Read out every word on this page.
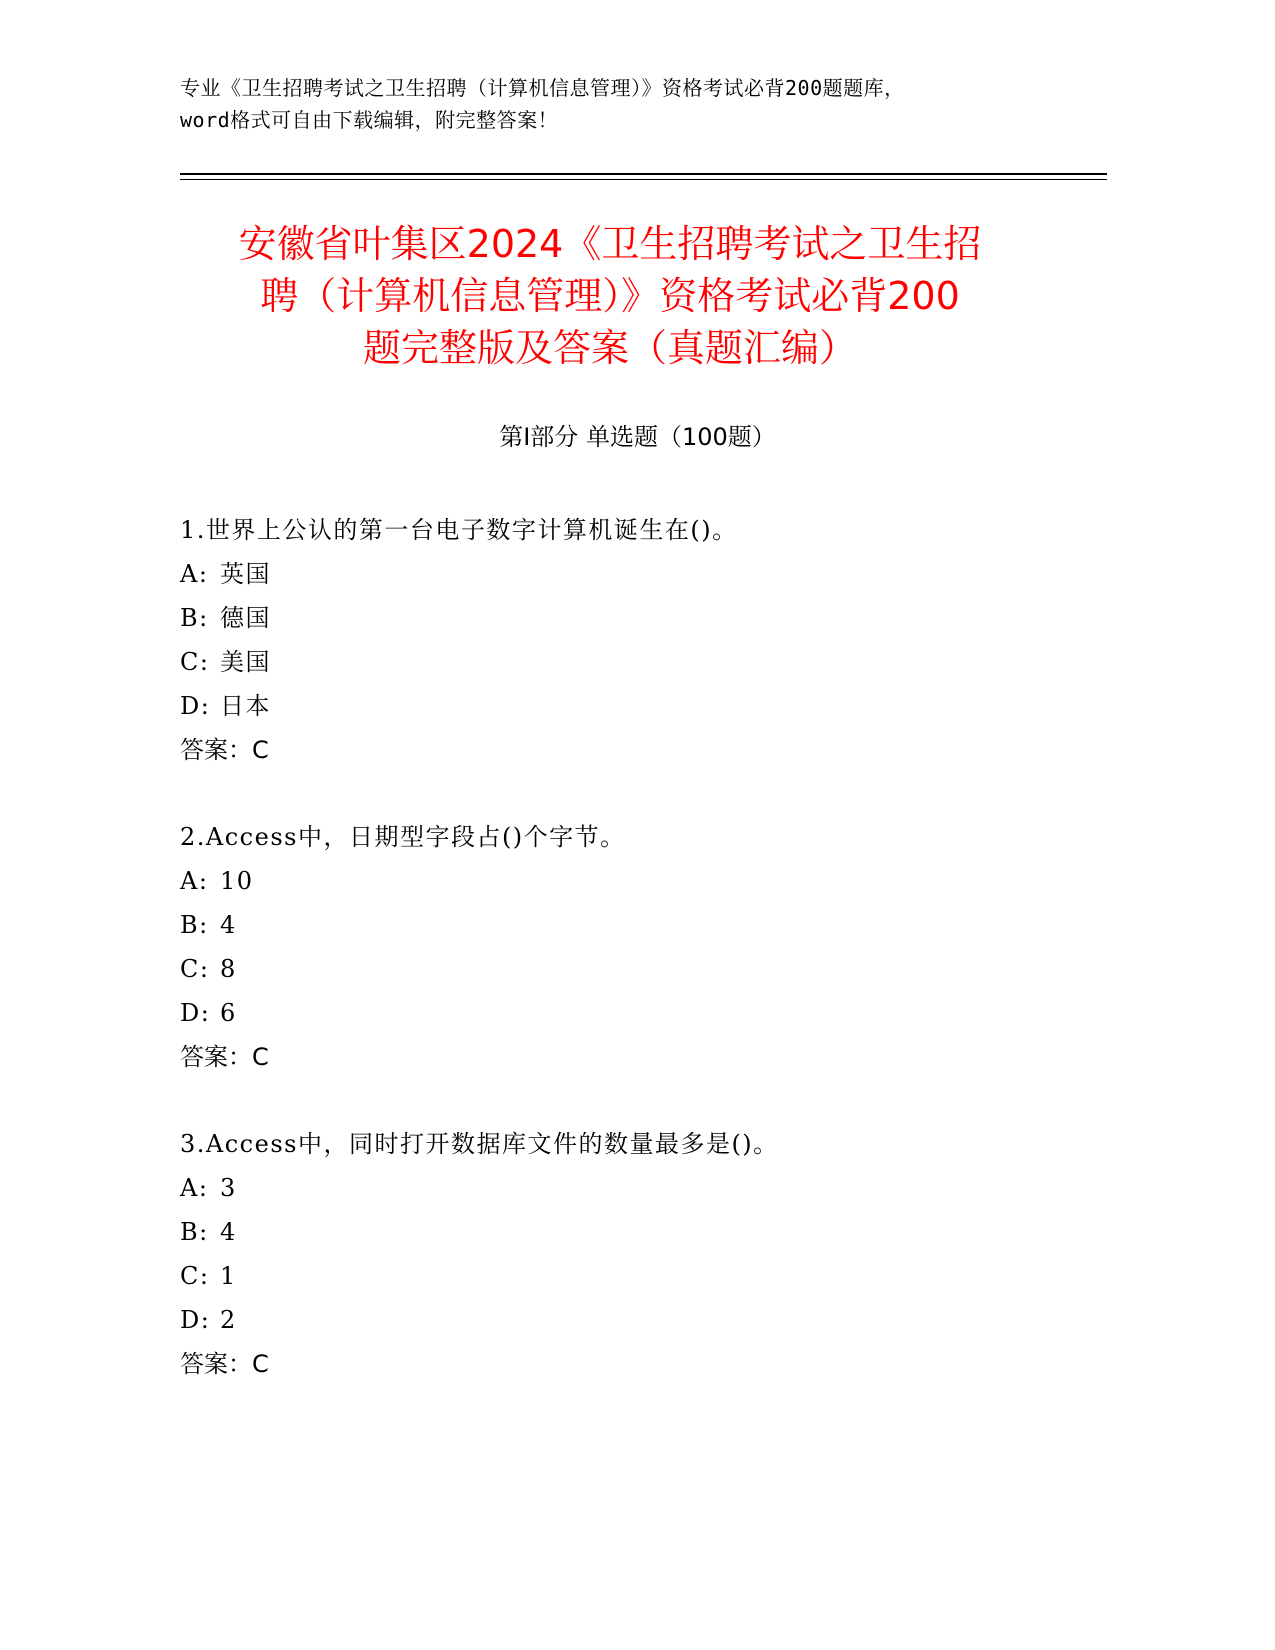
专业《卫生招聘考试之卫生招聘（计算机信息管理）》资格考试必背200题题库，
word格式可自由下载编辑，附完整答案！
安徽省叶集区2024《卫生招聘考试之卫生招
聘（计算机信息管理）》资格考试必背200
题完整版及答案（真题汇编）
第Ⅰ部分 单选题（100题）
1.世界上公认的第一台电子数字计算机诞生在()。
A: 英国
B: 德国
C: 美国
D: 日本
答案：C
2.Access中，日期型字段占()个字节。
A: 10
B: 4
C: 8
D: 6
答案：C
3.Access中，同时打开数据库文件的数量最多是()。
A: 3
B: 4
C: 1
D: 2
答案：C
